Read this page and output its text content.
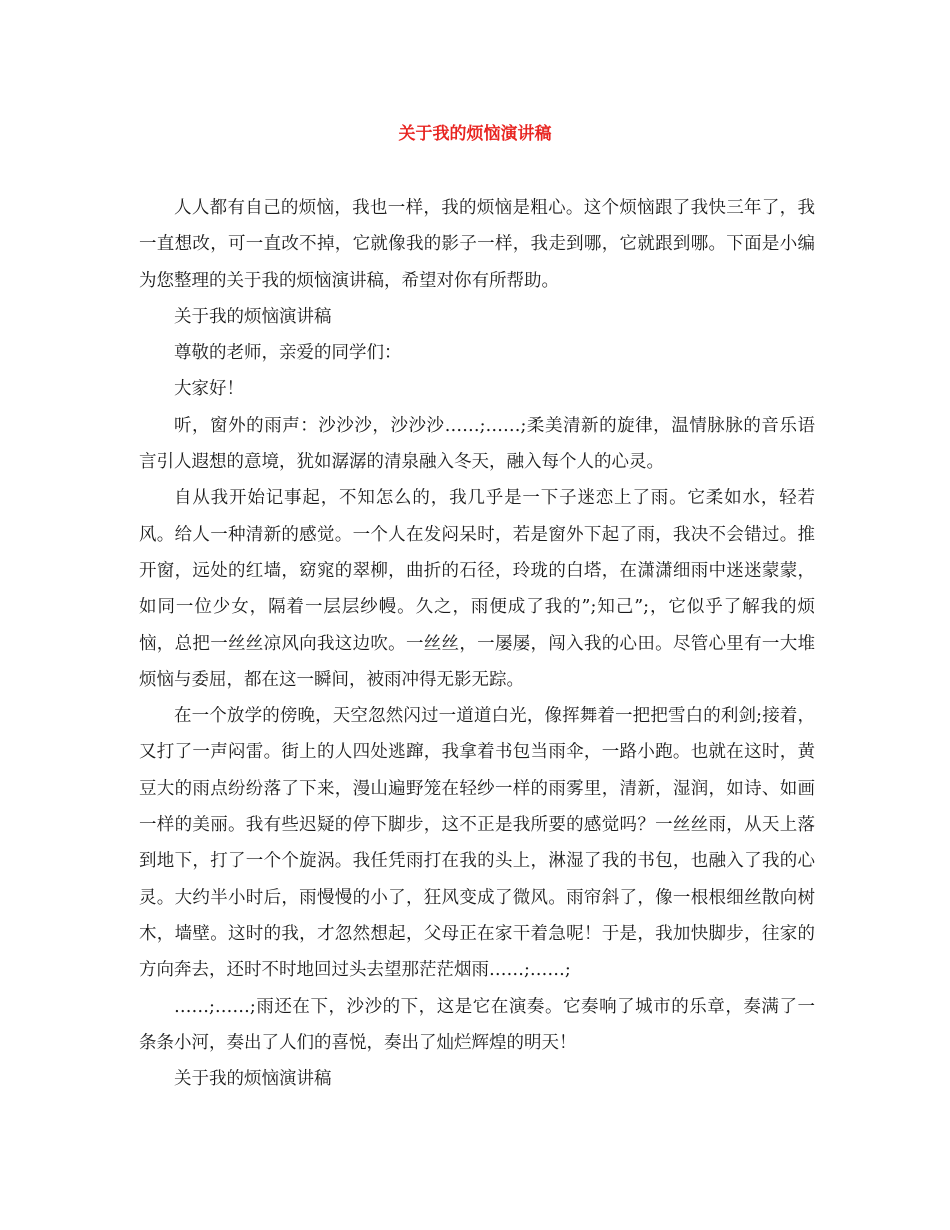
关于我的烦恼演讲稿

人人都有自己的烦恼，我也一样，我的烦恼是粗心。这个烦恼跟了我快三年了，我一直想改，可一直改不掉，它就像我的影子一样，我走到哪，它就跟到哪。下面是小编为您整理的关于我的烦恼演讲稿，希望对你有所帮助。

关于我的烦恼演讲稿

尊敬的老师，亲爱的同学们：

大家好！

听，窗外的雨声：沙沙沙，沙沙沙……;……;柔美清新的旋律，温情脉脉的音乐语言引人遐想的意境，犹如潺潺的清泉融入冬天，融入每个人的心灵。

自从我开始记事起，不知怎么的，我几乎是一下子迷恋上了雨。它柔如水，轻若风。给人一种清新的感觉。一个人在发闷呆时，若是窗外下起了雨，我决不会错过。推开窗，远处的红墙，窈窕的翠柳，曲折的石径，玲珑的白塔，在潇潇细雨中迷迷蒙蒙，如同一位少女，隔着一层层纱幔。久之，雨便成了我的”;知己”;，它似乎了解我的烦恼，总把一丝丝凉风向我这边吹。一丝丝，一屡屡，闯入我的心田。尽管心里有一大堆烦恼与委屈，都在这一瞬间，被雨冲得无影无踪。

在一个放学的傍晚，天空忽然闪过一道道白光，像挥舞着一把把雪白的利剑;接着，又打了一声闷雷。街上的人四处逃蹿，我拿着书包当雨伞，一路小跑。也就在这时，黄豆大的雨点纷纷落了下来，漫山遍野笼在轻纱一样的雨雾里，清新，湿润，如诗、如画一样的美丽。我有些迟疑的停下脚步，这不正是我所要的感觉吗？一丝丝雨，从天上落到地下，打了一个个旋涡。我任凭雨打在我的头上，淋湿了我的书包，也融入了我的心灵。大约半小时后，雨慢慢的小了，狂风变成了微风。雨帘斜了，像一根根细丝散向树木，墙壁。这时的我，才忽然想起，父母正在家干着急呢！于是，我加快脚步，往家的方向奔去，还时不时地回过头去望那茫茫烟雨……;……;

……;……;雨还在下，沙沙的下，这是它在演奏。它奏响了城市的乐章，奏满了一条条小河，奏出了人们的喜悦，奏出了灿烂辉煌的明天！

关于我的烦恼演讲稿
